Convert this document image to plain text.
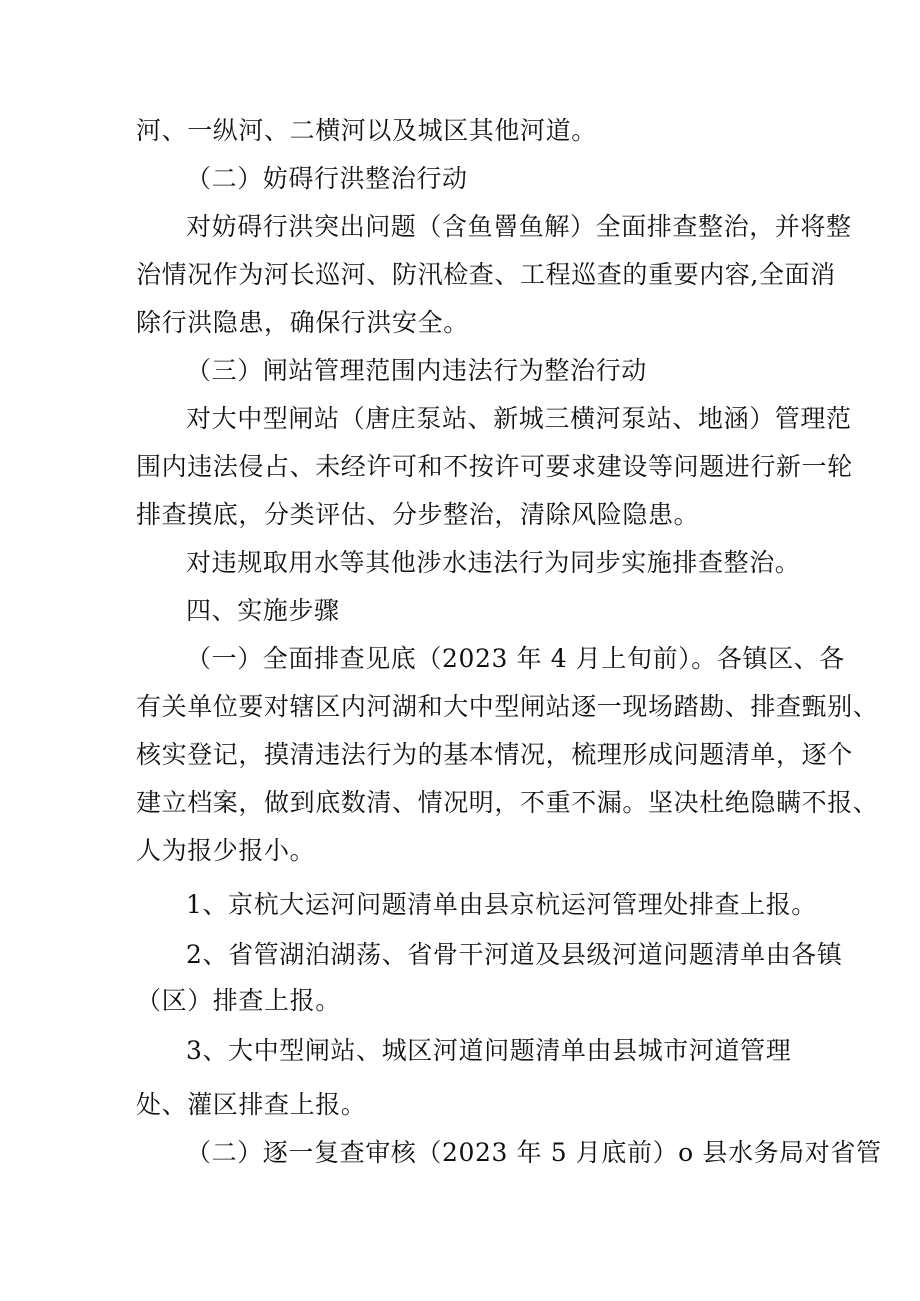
河、一纵河、二横河以及城区其他河道。
（二）妨碍行洪整治行动
对妨碍行洪突出问题（含鱼罾鱼解）全面排查整治，并将整
治情况作为河长巡河、防汛检查、工程巡查的重要内容,全面消
除行洪隐患，确保行洪安全。
（三）闸站管理范围内违法行为整治行动
对大中型闸站（唐庄泵站、新城三横河泵站、地涵）管理范
围内违法侵占、未经许可和不按许可要求建设等问题进行新一轮
排查摸底，分类评估、分步整治，清除风险隐患。
对违规取用水等其他涉水违法行为同步实施排查整治。
四、实施步骤
（一）全面排查见底（2023 年 4 月上旬前）。各镇区、各
有关单位要对辖区内河湖和大中型闸站逐一现场踏勘、排查甄别、
核实登记，摸清违法行为的基本情况，梳理形成问题清单，逐个
建立档案，做到底数清、情况明，不重不漏。坚决杜绝隐瞒不报、
人为报少报小。
1、京杭大运河问题清单由县京杭运河管理处排查上报。
2、省管湖泊湖荡、省骨干河道及县级河道问题清单由各镇
（区）排查上报。
3、大中型闸站、城区河道问题清单由县城市河道管理
处、灌区排查上报。
（二）逐一复查审核（2023 年 5 月底前）o 县水务局对省管
